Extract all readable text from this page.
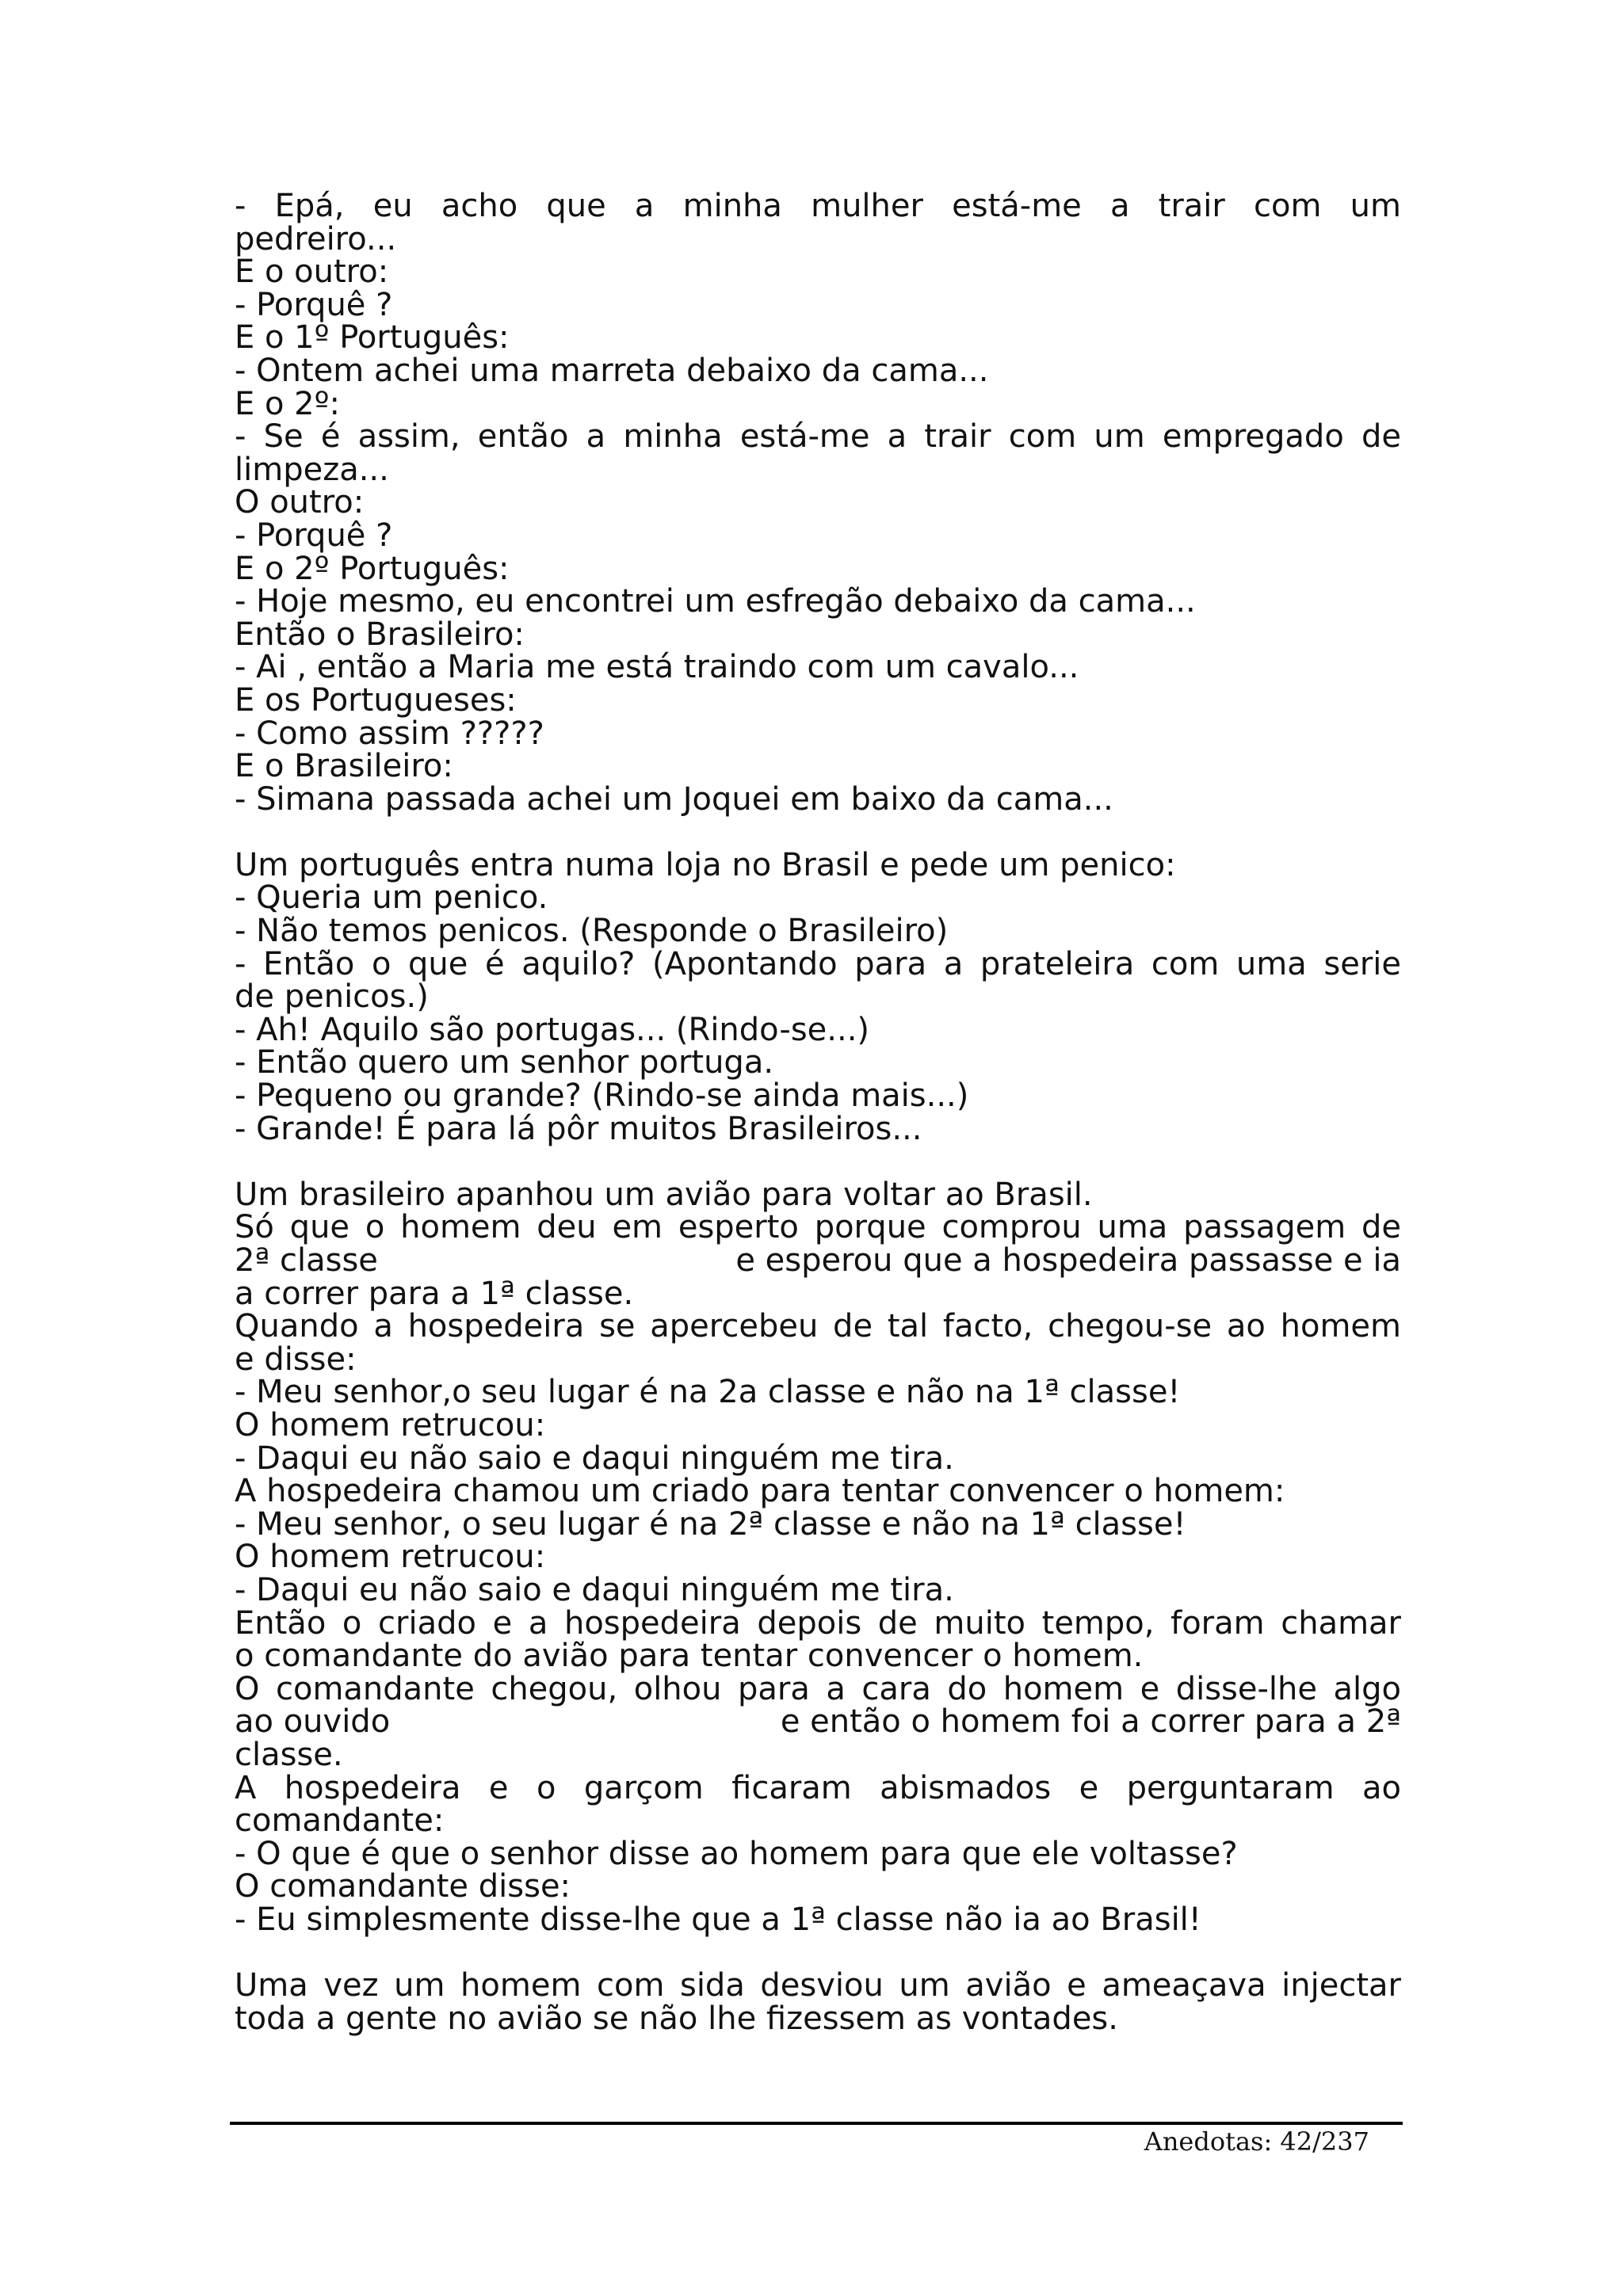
- Epá, eu acho que a minha mulher está-me a trair com um
pedreiro...
E o outro:
- Porquê ?
E o 1º Português:
- Ontem achei uma marreta debaixo da cama...
E o 2º:
- Se é assim, então a minha está-me a trair com um empregado de
limpeza...
O outro:
- Porquê ?
E o 2º Português:
- Hoje mesmo, eu encontrei um esfregão debaixo da cama...
Então o Brasileiro:
- Ai , então a Maria me está traindo com um cavalo...
E os Portugueses:
- Como assim ?????
E o Brasileiro:
- Simana passada achei um Joquei em baixo da cama...
Um português entra numa loja no Brasil e pede um penico:
- Queria um penico.
- Não temos penicos. (Responde o Brasileiro)
- Então o que é aquilo? (Apontando para a prateleira com uma serie
de penicos.)
- Ah! Aquilo são portugas... (Rindo-se...)
- Então quero um senhor portuga.
- Pequeno ou grande? (Rindo-se ainda mais...)
- Grande! É para lá pôr muitos Brasileiros...
Um brasileiro apanhou um avião para voltar ao Brasil.
Só que o homem deu em esperto porque comprou uma passagem de
2ª classe	e esperou que a hospedeira passasse e ia
a correr para a 1ª classe.
Quando a hospedeira se apercebeu de tal facto, chegou-se ao homem
e disse:
- Meu senhor,o seu lugar é na 2a classe e não na 1ª classe!
O homem retrucou:
- Daqui eu não saio e daqui ninguém me tira.
A hospedeira chamou um criado para tentar convencer o homem:
- Meu senhor, o seu lugar é na 2ª classe e não na 1ª classe!
O homem retrucou:
- Daqui eu não saio e daqui ninguém me tira.
Então o criado e a hospedeira depois de muito tempo, foram chamar
o comandante do avião para tentar convencer o homem.
O comandante chegou, olhou para a cara do homem e disse-lhe algo
ao ouvido	e então o homem foi a correr para a 2ª
classe.
A hospedeira e o garçom ficaram abismados e perguntaram ao
comandante:
- O que é que o senhor disse ao homem para que ele voltasse?
O comandante disse:
- Eu simplesmente disse-lhe que a 1ª classe não ia ao Brasil!
Uma vez um homem com sida desviou um avião e ameaçava injectar
toda a gente no avião se não lhe fizessem as vontades.
Anedotas: 42/237
